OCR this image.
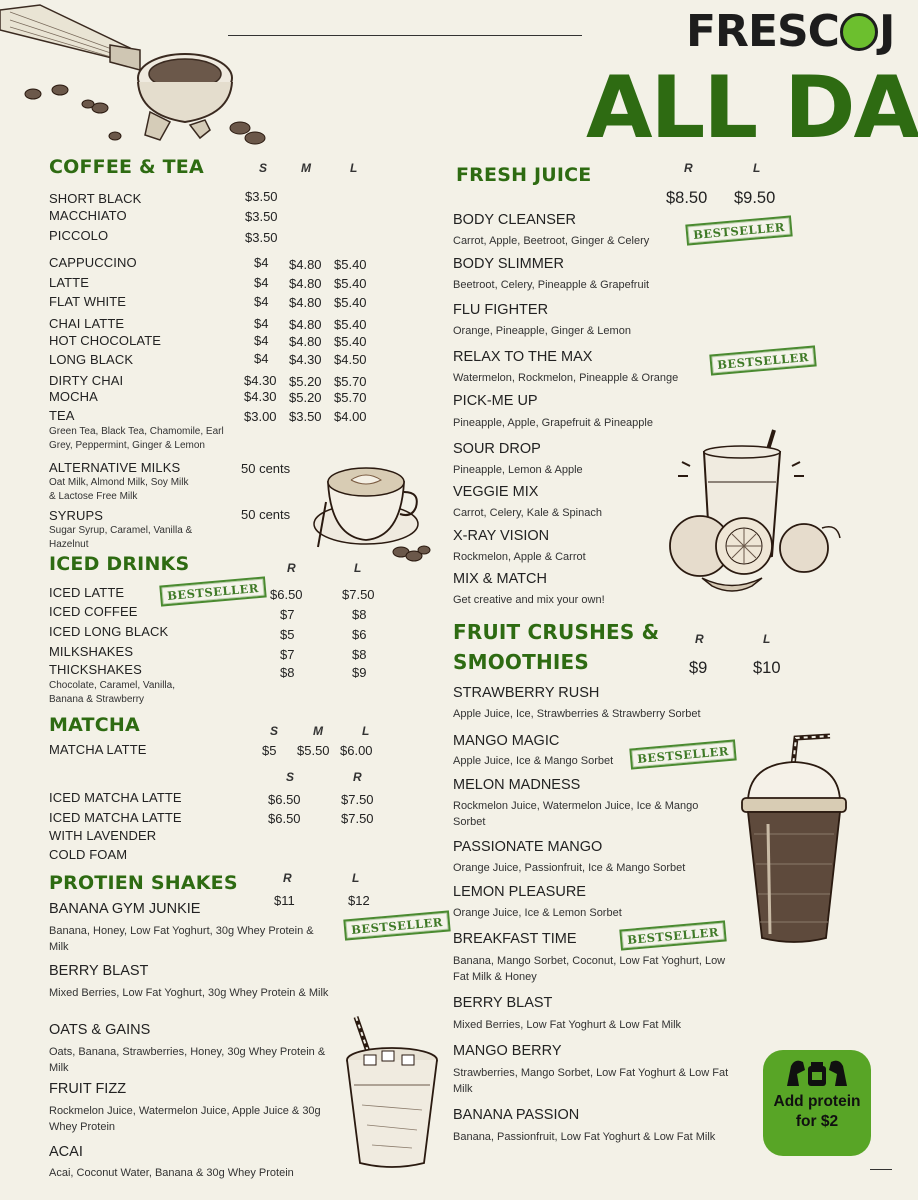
FRESC J
ALL DA
COFFEE & TEA	S	M	L
SHORT BLACK	$3.50
MACCHIATO	$3.50
PICCOLO	$3.50
CAPPUCCINO	$4 $4.80 $5.40
LATTE	$4 $4.80 $5.40
FLAT WHITE	$4 $4.80 $5.40
CHAI LATTE	$4 $4.80 $5.40
HOT CHOCOLATE	$4 $4.80 $5.40
LONG BLACK	$4 $4.30 $4.50
DIRTY CHAI	$4.30 $5.20 $5.70
MOCHA	$4.30 $5.20 $5.70
TEA	$3.00 $3.50 $4.00
Green Tea, Black Tea, Chamomile, Earl Grey, Peppermint, Ginger & Lemon
ALTERNATIVE MILKS	50 cents
Oat Milk, Almond Milk, Soy Milk & Lactose Free Milk
SYRUPS	50 cents
Sugar Syrup, Caramel, Vanilla & Hazelnut
ICED DRINKS	R	L
ICED LATTE	BESTSELLER $6.50	$7.50
ICED COFFEE	$7	$8
ICED LONG BLACK	$5	$6
MILKSHAKES	$7	$8
THICKSHAKES	$8	$9
Chocolate, Caramel, Vanilla, Banana & Strawberry
MATCHA	S	M	L
MATCHA LATTE	$5 $5.50 $6.00
S	R
ICED MATCHA LATTE	$6.50	$7.50
ICED MATCHA LATTE
WITH LAVENDER
COLD FOAM
$6.50	$7.50
PROTIEN SHAKES	R	L
$11	$12
BANANA GYM JUNKIE
BESTSELLER
Banana, Honey, Low Fat Yoghurt, 30g Whey Protein & Milk
BERRY BLAST
Mixed Berries, Low Fat Yoghurt, 30g Whey Protein & Milk
OATS & GAINS
Oats, Banana, Strawberries, Honey, 30g Whey Protein & Milk
FRUIT FIZZ
Rockmelon Juice, Watermelon Juice, Apple Juice & 30g Whey Protein
ACAI
Acai, Coconut Water, Banana & 30g Whey Protein
FRESH JUICE	R	L
$8.50 $9.50
BODY CLEANSER
BESTSELLER
Carrot, Apple, Beetroot, Ginger & Celery
BODY SLIMMER
Beetroot, Celery, Pineapple & Grapefruit
FLU FIGHTER
Orange, Pineapple, Ginger & Lemon
RELAX TO THE MAX	BESTSELLER
Watermelon, Rockmelon, Pineapple & Orange
PICK-ME UP
Pineapple, Apple, Grapefruit & Pineapple
SOUR DROP
Pineapple, Lemon & Apple
VEGGIE MIX
Carrot, Celery, Kale & Spinach
X-RAY VISION
Rockmelon, Apple & Carrot
MIX & MATCH
Get creative and mix your own!
FRUIT CRUSHES &
SMOOTHIES
R	L
$9	$10
STRAWBERRY RUSH
Apple Juice, Ice, Strawberries & Strawberry Sorbet
MANGO MAGIC
BESTSELLER
Apple Juice, Ice & Mango Sorbet
MELON MADNESS
Rockmelon Juice, Watermelon Juice, Ice & Mango Sorbet
PASSIONATE MANGO
Orange Juice, Passionfruit, Ice & Mango Sorbet
LEMON PLEASURE
Orange Juice, Ice & Lemon Sorbet
BREAKFAST TIME	BESTSELLER
Banana, Mango Sorbet, Coconut, Low Fat Yoghurt, Low Fat Milk & Honey
BERRY BLAST
Mixed Berries, Low Fat Yoghurt & Low Fat Milk
MANGO BERRY
Strawberries, Mango Sorbet, Low Fat Yoghurt & Low Fat Milk
BANANA PASSION
Banana, Passionfruit, Low Fat Yoghurt & Low Fat Milk
Add protein
for $2
